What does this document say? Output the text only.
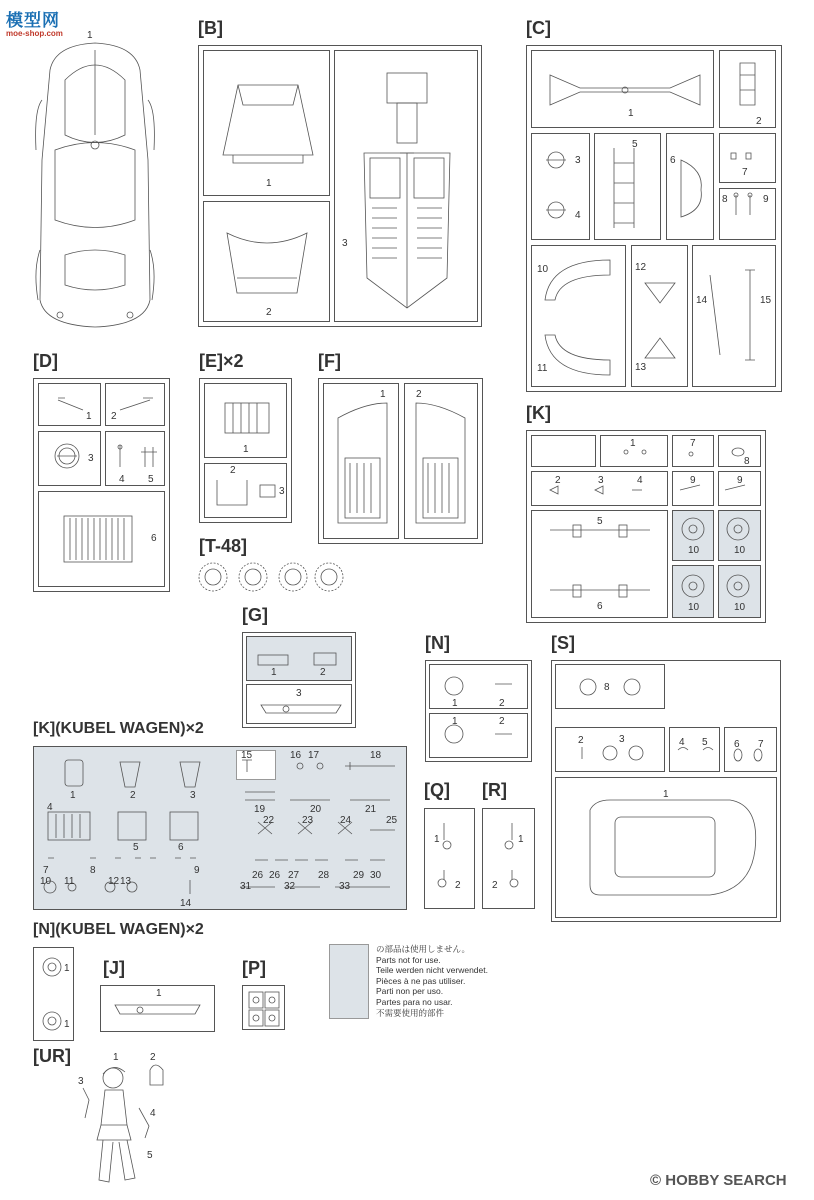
模型网
moe-shop.com 1	[B]
1
2
3
[C]
1
2
3
4
5
6
7
8	9
10
11
12
13
14	15
[D]
1 2
3
4 5
6
[E]×2
1
2
3
[F]
1	2
[K]
1	7
8
2	3	4	9	9
5
10	10
6	10	10
[T-48]
[G]
1	2
3
[N]
1	2
1	2
[S]
8
2	3	4 5	6 7
1
[K](KUBEL WAGEN)×2
15	16 17	18
1	2	3
4	19	20	21
5	6
22	23	24	25
7	8	9	26 26 27 28 29 30
10 11	12 13	31	32	33
14
[Q]
1
2
[R]
1
2
[N](KUBEL WAGEN)×2
1
1
[J]
1
[P]
の部品は使用しません。
Parts not for use.
Teile werden nicht verwendet.
Pièces à ne pas utiliser.
Parti non per uso.
Partes para no usar.
不需要使用的部件
[UR]	1	2
3
4
5
© HOBBY SEARCH
